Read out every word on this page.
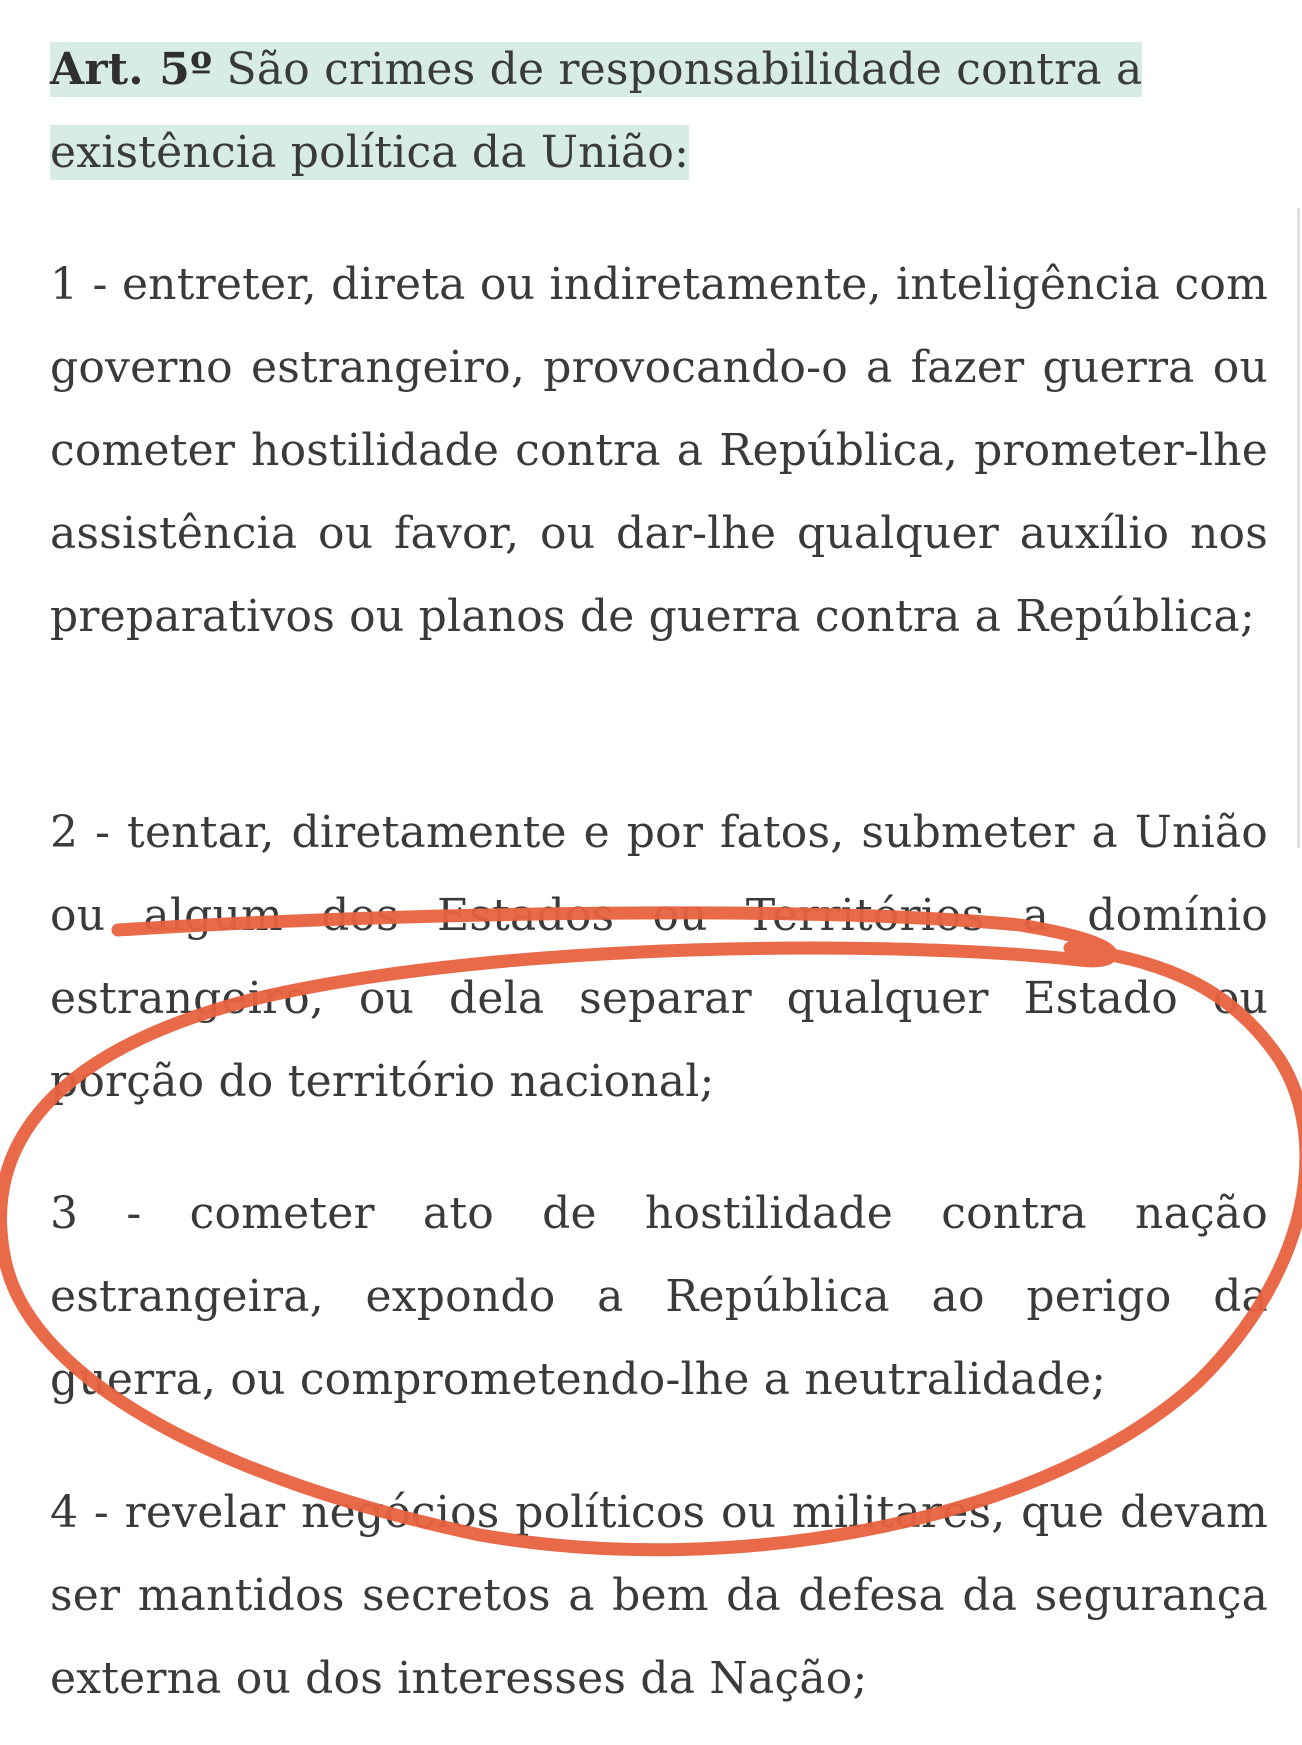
Art. 5º São crimes de responsabilidade contra a
existência política da União:
1 - entreter, direta ou indiretamente, inteligência com governo estrangeiro, provocando-o a fazer guerra ou cometer hostilidade contra a República, prometer-lhe assistência ou favor, ou dar-lhe qualquer auxílio nos preparativos ou planos de guerra contra a República;
2 - tentar, diretamente e por fatos, submeter a União ou algum dos Estados ou Territórios a domínio estrangeiro, ou dela separar qualquer Estado ou porção do território nacional;
3 - cometer ato de hostilidade contra nação estrangeira, expondo a República ao perigo da guerra, ou comprometendo-lhe a neutralidade;
4 - revelar negócios políticos ou militares, que devam ser mantidos secretos a bem da defesa da segurança externa ou dos interesses da Nação;
